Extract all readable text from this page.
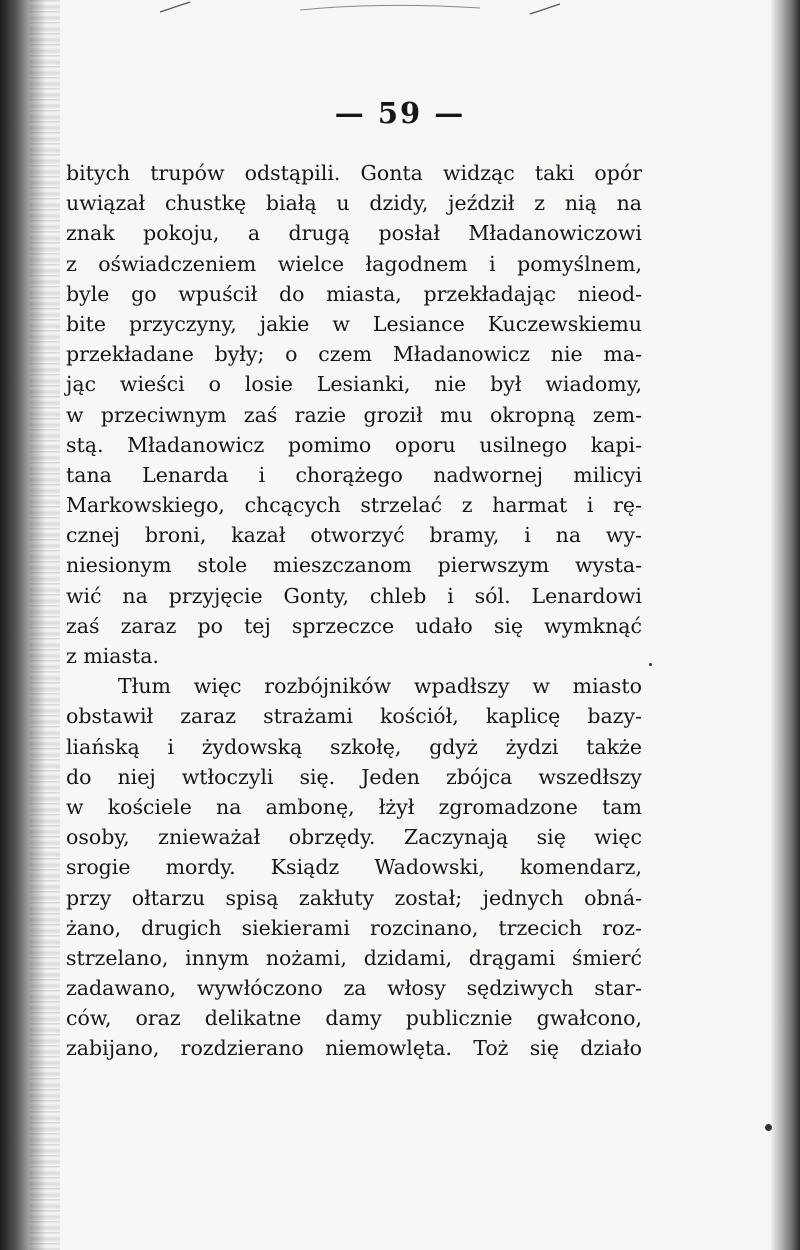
— 59 —
bitych trupów odstąpili. Gonta widząc taki opór
uwiązał chustkę białą u dzidy, jeździł z nią na
znak pokoju, a drugą posłał Mładanowiczowi
z oświadczeniem wielce łagodnem i pomyślnem,
byle go wpuścił do miasta, przekładając nieod-
bite przyczyny, jakie w Lesiance Kuczewskiemu
przekładane były; o czem Mładanowicz nie ma-
jąc wieści o losie Lesianki, nie był wiadomy,
w przeciwnym zaś razie groził mu okropną zem-
stą. Mładanowicz pomimo oporu usilnego kapi-
tana Lenarda i chorążego nadwornej milicyi
Markowskiego, chcących strzelać z harmat i rę-
cznej broni, kazał otworzyć bramy, i na wy-
niesionym stole mieszczanom pierwszym wysta-
wić na przyjęcie Gonty, chleb i sól. Lenardowi
zaś zaraz po tej sprzeczce udało się wymknąć
z miasta.
Tłum więc rozbójników wpadłszy w miasto
obstawił zaraz strażami kościół, kaplicę bazy-
liańską i żydowską szkołę, gdyż żydzi także
do niej wtłoczyli się. Jeden zbójca wszedłszy
w kościele na ambonę, łżył zgromadzone tam
osoby, znieważał obrzędy. Zaczynają się więc
srogie mordy. Ksiądz Wadowski, komendarz,
przy ołtarzu spisą zakłuty został; jednych obná-
żano, drugich siekierami rozcinano, trzecich roz-
strzelano, innym nożami, dzidami, drągami śmierć
zadawano, wywłóczono za włosy sędziwych star-
ców, oraz delikatne damy publicznie gwałcono,
zabijano, rozdzierano niemowlęta. Toż się działo
